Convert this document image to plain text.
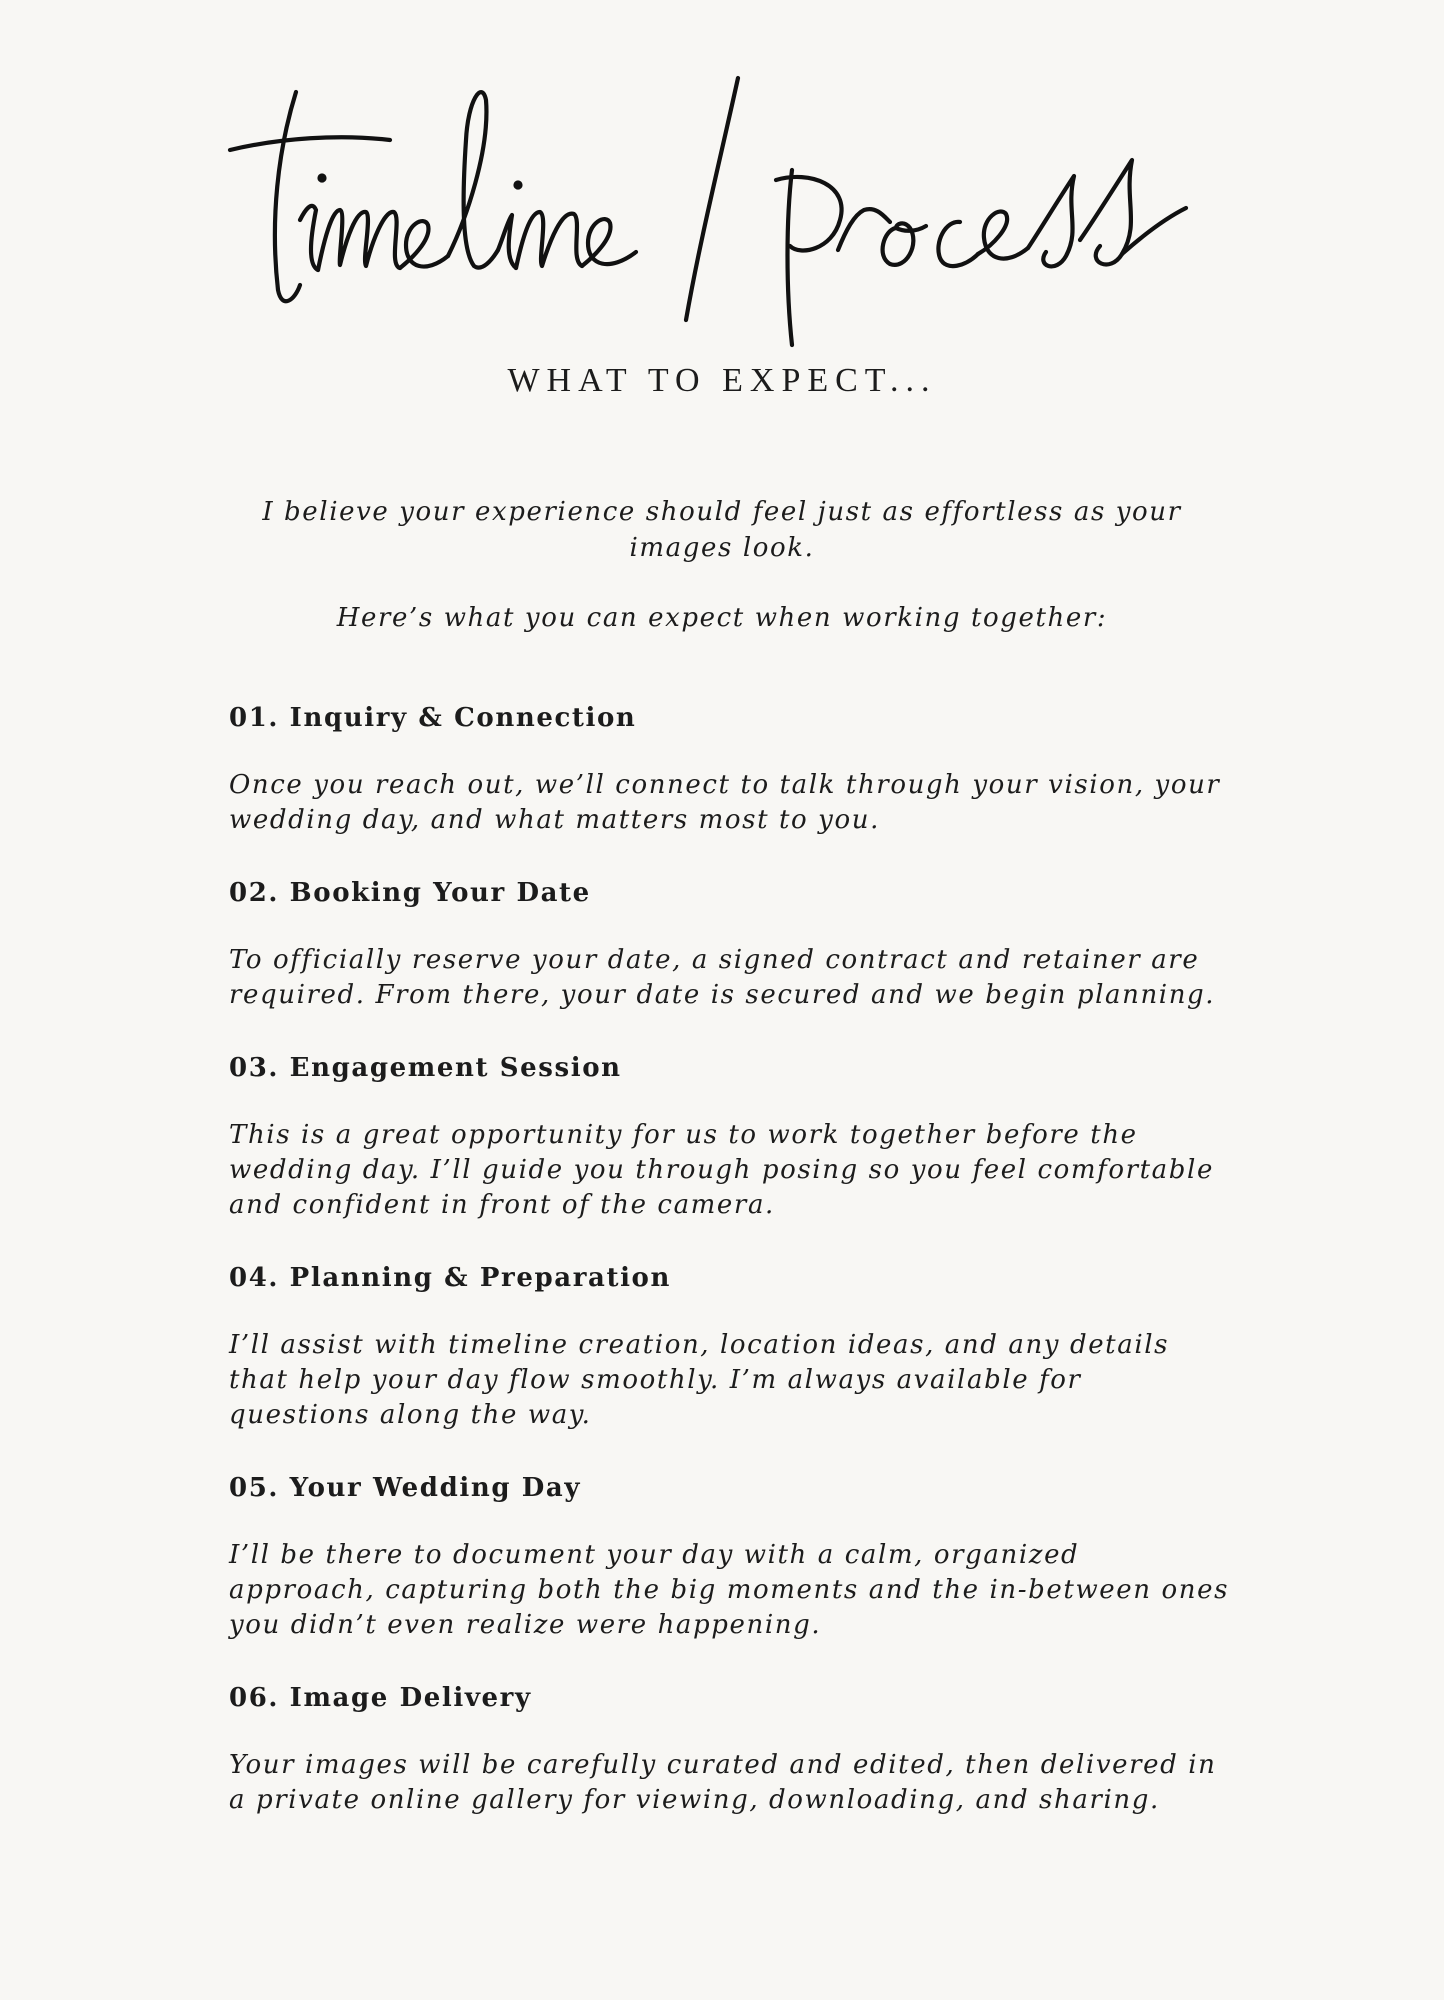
WHAT TO EXPECT...

I believe your experience should feel just as effortless as your images look.

Here’s what you can expect when working together:

01. Inquiry & Connection

Once you reach out, we’ll connect to talk through your vision, your wedding day, and what matters most to you.

02. Booking Your Date

To officially reserve your date, a signed contract and retainer are required. From there, your date is secured and we begin planning.

03. Engagement Session

This is a great opportunity for us to work together before the wedding day. I’ll guide you through posing so you feel comfortable and confident in front of the camera.

04. Planning & Preparation

I’ll assist with timeline creation, location ideas, and any details that help your day flow smoothly. I’m always available for questions along the way.

05. Your Wedding Day

I’ll be there to document your day with a calm, organized approach, capturing both the big moments and the in-between ones you didn’t even realize were happening.

06. Image Delivery

Your images will be carefully curated and edited, then delivered in a private online gallery for viewing, downloading, and sharing.
